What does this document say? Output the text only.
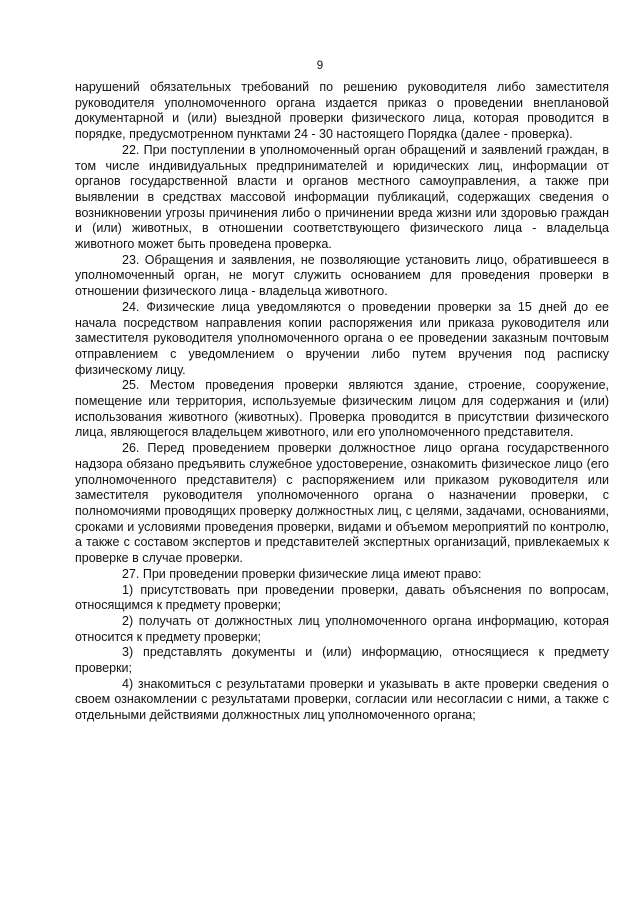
9

нарушений обязательных требований по решению руководителя либо заместителя руководителя уполномоченного органа издается приказ о проведении внеплановой документарной и (или) выездной проверки физического лица, которая проводится в порядке, предусмотренном пунктами 24 - 30 настоящего Порядка (далее - проверка).

22. При поступлении в уполномоченный орган обращений и заявлений граждан, в том числе индивидуальных предпринимателей и юридических лиц, информации от органов государственной власти и органов местного самоуправления, а также при выявлении в средствах массовой информации публикаций, содержащих сведения о возникновении угрозы причинения либо о причинении вреда жизни или здоровью граждан и (или) животных, в отношении соответствующего физического лица - владельца животного может быть проведена проверка.

23. Обращения и заявления, не позволяющие установить лицо, обратившееся в уполномоченный орган, не могут служить основанием для проведения проверки в отношении физического лица - владельца животного.

24. Физические лица уведомляются о проведении проверки за 15 дней до ее начала посредством направления копии распоряжения или приказа руководителя или заместителя руководителя уполномоченного органа о ее проведении заказным почтовым отправлением с уведомлением о вручении либо путем вручения под расписку физическому лицу.

25. Местом проведения проверки являются здание, строение, сооружение, помещение или территория, используемые физическим лицом для содержания и (или) использования животного (животных). Проверка проводится в присутствии физического лица, являющегося владельцем животного, или его уполномоченного представителя.

26. Перед проведением проверки должностное лицо органа государственного надзора обязано предъявить служебное удостоверение, ознакомить физическое лицо (его уполномоченного представителя) с распоряжением или приказом руководителя или заместителя руководителя уполномоченного органа о назначении проверки, с полномочиями проводящих проверку должностных лиц, с целями, задачами, основаниями, сроками и условиями проведения проверки, видами и объемом мероприятий по контролю, а также с составом экспертов и представителей экспертных организаций, привлекаемых к проверке в случае проверки.

27. При проведении проверки физические лица имеют право:

1) присутствовать при проведении проверки, давать объяснения по вопросам, относящимся к предмету проверки;

2) получать от должностных лиц уполномоченного органа информацию, которая относится к предмету проверки;

3) представлять документы и (или) информацию, относящиеся к предмету проверки;

4) знакомиться с результатами проверки и указывать в акте проверки сведения о своем ознакомлении с результатами проверки, согласии или несогласии с ними, а также с отдельными действиями должностных лиц уполномоченного органа;
